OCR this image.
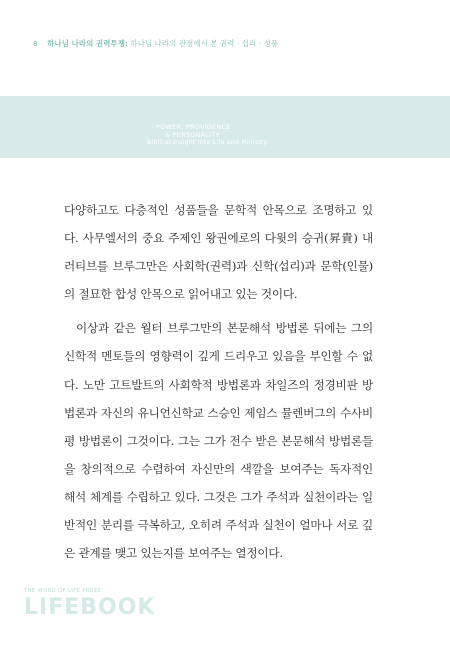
8 하나님 나라의 권력투쟁: 하나님 나라의 관점에서 본 권력 · 섭리 · 성품
POWER, PROVIDENCE
& PERSONALITY
Biblical Insight into Life and Ministry

다양하고도 다층적인 성품들을 문학적 안목으로 조명하고 있다. 사무엘서의 중요 주제인 왕권에로의 다윗의 승귀(昇貴) 내러티브를 브루그만은 사회학(권력)과 신학(섭리)과 문학(인물)의 절묘한 합성 안목으로 읽어내고 있는 것이다.

이상과 같은 월터 브루그만의 본문해석 방법론 뒤에는 그의 신학적 멘토들의 영향력이 깊게 드리우고 있음을 부인할 수 없다. 노만 고트발트의 사회학적 방법론과 차일즈의 정경비판 방법론과 자신의 유니언신학교 스승인 제임스 뮬렌버그의 수사비평 방법론이 그것이다. 그는 그가 전수 받은 본문해석 방법론들을 창의적으로 수렴하여 자신만의 색깔을 보여주는 독자적인 해석 체계를 수립하고 있다. 그것은 그가 주석과 실천이라는 일반적인 분리를 극복하고, 오히려 주석과 실천이 얼마나 서로 깊은 관계를 맺고 있는지를 보여주는 열정이다.

THE WORD OF LIFE PRESS
LIFEBOOK
